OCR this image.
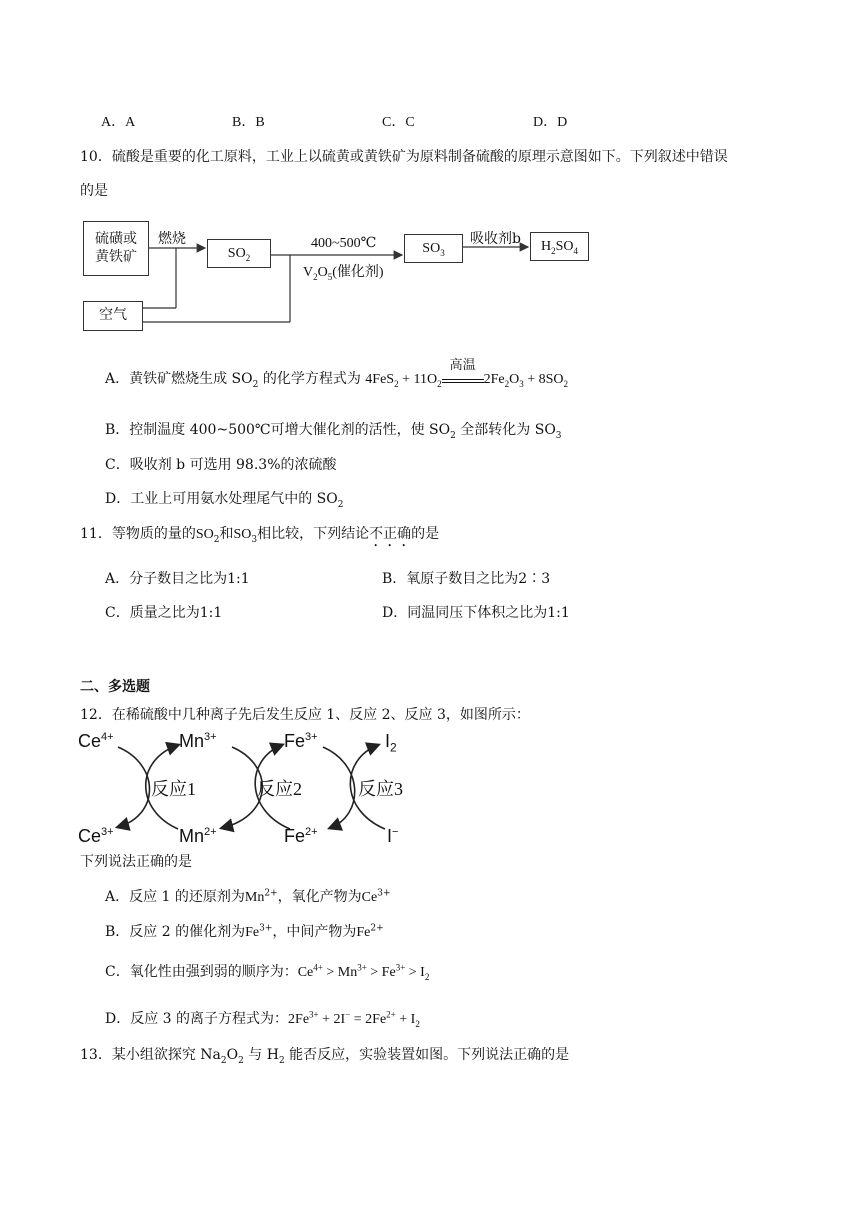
A．A	B．B	C．C	D．D
10．硫酸是重要的化工原料，工业上以硫黄或黄铁矿为原料制备硫酸的原理示意图如下。下列叙述中错误
的是
硫磺或
黄铁矿
空气
$SO_2$
$SO_3$	$H_2SO_4$
燃烧	400~500℃
$V_2O_5$(催化剂)
吸收剂b
A．黄铁矿燃烧生成 $SO_2$ 的化学方程式为 $4FeS_2 + 11O_2$
高温
$2Fe_2O_3 + 8SO_2$
B．控制温度 400~500℃可增大催化剂的活性，使 $SO_2$ 全部转化为 $SO_3$
C．吸收剂 b 可选用 98.3%的浓硫酸
D．工业上可用氨水处理尾气中的 $SO_2$
11．等物质的量的$SO_2$和$SO_3$相比较，下列结论不正确的是
A．分子数目之比为1:1	B．氧原子数目之比为2∶3
C．质量之比为1:1	D．同温同压下体积之比为1:1
二、多选题
12．在稀硫酸中几种离子先后发生反应 1、反应 2、反应 3，如图所示：
$Ce^{4+}$	$Mn^{3+}$	$Fe^{3+}$	$I_2$
$Ce^{3+}$	$Mn^{2+}$	$Fe^{2+}$	I−
反应1	反应2	反应3
下列说法正确的是
A．反应 1 的还原剂为$Mn^{2+}$，氧化产物为$Ce^{3+}$
B．反应 2 的催化剂为$Fe^{3+}$，中间产物为$Fe^{2+}$
C．氧化性由强到弱的顺序为：$Ce^{4+} > Mn^{3+} > Fe^{3+} > I_2$
D．反应 3 的离子方程式为：$2Fe^{3+} + 2I^- = 2Fe^{2+} + I_2$
13．某小组欲探究 $Na_2O_2$ 与 $H_2$ 能否反应，实验装置如图。下列说法正确的是
